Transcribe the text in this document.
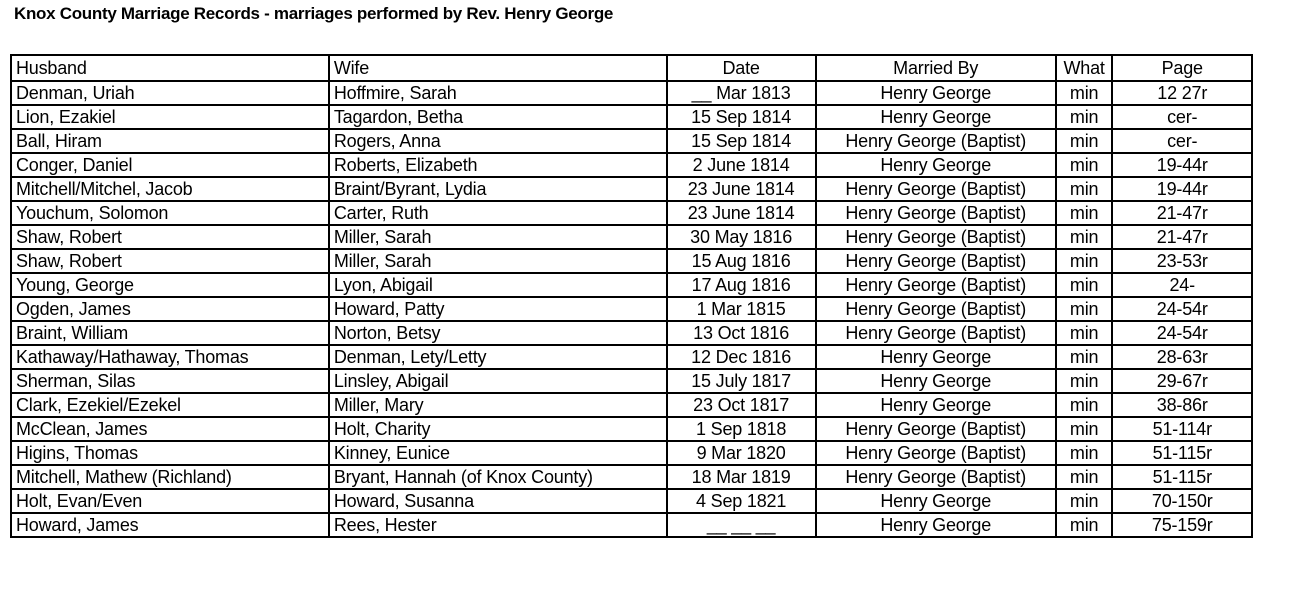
Knox County Marriage Records - marriages performed by Rev. Henry George
Husband	Wife	Date	Married By	What	Page
Denman, Uriah	Hoffmire, Sarah	__ Mar 1813	Henry George	min	12 27r
Lion, Ezakiel	Tagardon, Betha	15 Sep 1814	Henry George	min	cer-
Ball, Hiram	Rogers, Anna	15 Sep 1814	Henry George (Baptist)	min	cer-
Conger, Daniel	Roberts, Elizabeth	2 June 1814	Henry George	min	19-44r
Mitchell/Mitchel, Jacob	Braint/Byrant, Lydia	23 June 1814	Henry George (Baptist)	min	19-44r
Youchum, Solomon	Carter, Ruth	23 June 1814	Henry George (Baptist)	min	21-47r
Shaw, Robert	Miller, Sarah	30 May 1816	Henry George (Baptist)	min	21-47r
Shaw, Robert	Miller, Sarah	15 Aug 1816	Henry George (Baptist)	min	23-53r
Young, George	Lyon, Abigail	17 Aug 1816	Henry George (Baptist)	min	24-
Ogden, James	Howard, Patty	1 Mar 1815	Henry George (Baptist)	min	24-54r
Braint, William	Norton, Betsy	13 Oct 1816	Henry George (Baptist)	min	24-54r
Kathaway/Hathaway, Thomas	Denman, Lety/Letty	12 Dec 1816	Henry George	min	28-63r
Sherman, Silas	Linsley, Abigail	15 July 1817	Henry George	min	29-67r
Clark, Ezekiel/Ezekel	Miller, Mary	23 Oct 1817	Henry George	min	38-86r
McClean, James	Holt, Charity	1 Sep 1818	Henry George (Baptist)	min	51-114r
Higins, Thomas	Kinney, Eunice	9 Mar 1820	Henry George (Baptist)	min	51-115r
Mitchell, Mathew (Richland)	Bryant, Hannah (of Knox County)	18 Mar 1819	Henry George (Baptist)	min	51-115r
Holt, Evan/Even	Howard, Susanna	4 Sep 1821	Henry George	min	70-150r
Howard, James	Rees, Hester	__ __ __	Henry George	min	75-159r
